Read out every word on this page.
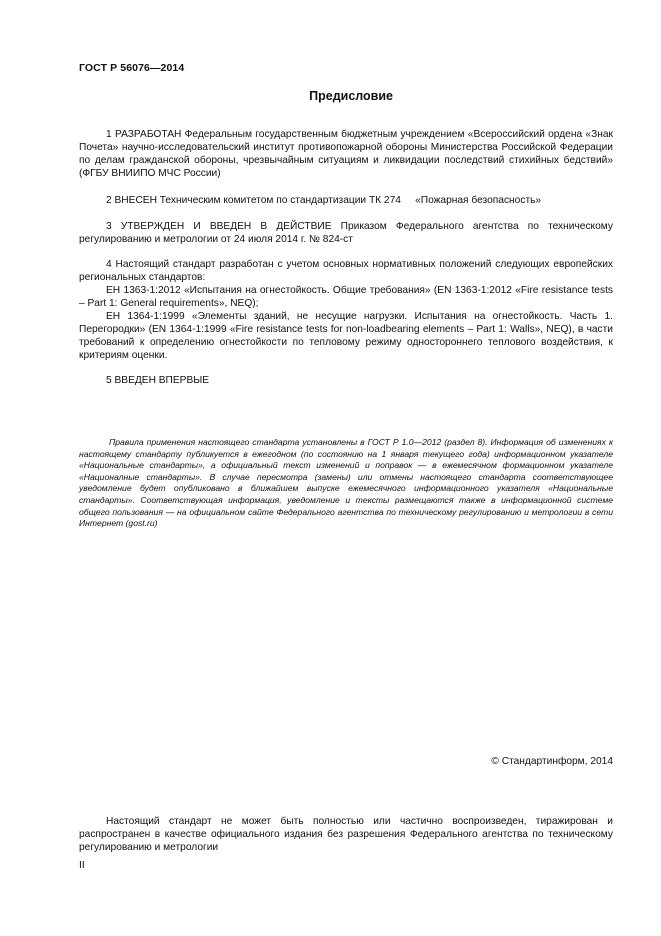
ГОСТ Р 56076—2014
Предисловие

1 РАЗРАБОТАН Федеральным государственным бюджетным учреждением «Всероссийский ордена «Знак Почета» научно-исследовательский институт противопожарной обороны Министерства Российской Федерации по делам гражданской обороны, чрезвычайным ситуациям и ликвидации последствий стихийных бедствий» (ФГБУ ВНИИПО МЧС России)

2 ВНЕСЕН Техническим комитетом по стандартизации ТК 274     «Пожарная безопасность»

3 УТВЕРЖДЕН И ВВЕДЕН В ДЕЙСТВИЕ Приказом Федерального агентства по техническому регулированию и метрологии от 24 июля 2014 г. № 824-ст

4 Настоящий стандарт разработан с учетом основных нормативных положений следующих европейских региональных стандартов:

ЕН 1363-1:2012 «Испытания на огнестойкость. Общие требования» (EN 1363-1:2012 «Fire resistance tests – Part 1: General requirements», NEQ);

ЕН 1364-1:1999 «Элементы зданий, не несущие нагрузки. Испытания на огнестойкость. Часть 1. Перегородки» (EN 1364-1:1999 «Fire resistance tests for non-loadbearing elements – Part 1: Walls», NEQ), в части требований к определению огнестойкости по тепловому режиму одностороннего теплового воздействия, к критериям оценки.

5 ВВЕДЕН ВПЕРВЫЕ

Правила применения настоящего стандарта установлены в ГОСТ Р 1.0—2012 (раздел 8). Информация об изменениях к настоящему стандарту публикуется в ежегодном (по состоянию на 1 января текущего года) информационном указателе «Национальные стандарты», а официальный текст изменений и поправок — в ежемесячном формационном указателе «Националные стандарты». В случае пересмотра (замены) или отмены настоящего стандарта соответствующее уведомление будет опубликовано в ближайшем выпуске ежемесячного информационного указателя «Национальные стандарты». Соответствующая информация, уведомление и тексты размещаются также в информационной системе общего пользования — на официальном сайте Федерального агентства по техническому регулированию и метрологии в сети Интернет (gost.ru)

© Стандартинформ, 2014

Настоящий стандарт не может быть полностью или частично воспроизведен, тиражирован и распространен в качестве официального издания без разрешения Федерального агентства по техническому регулированию и метрологии

II
